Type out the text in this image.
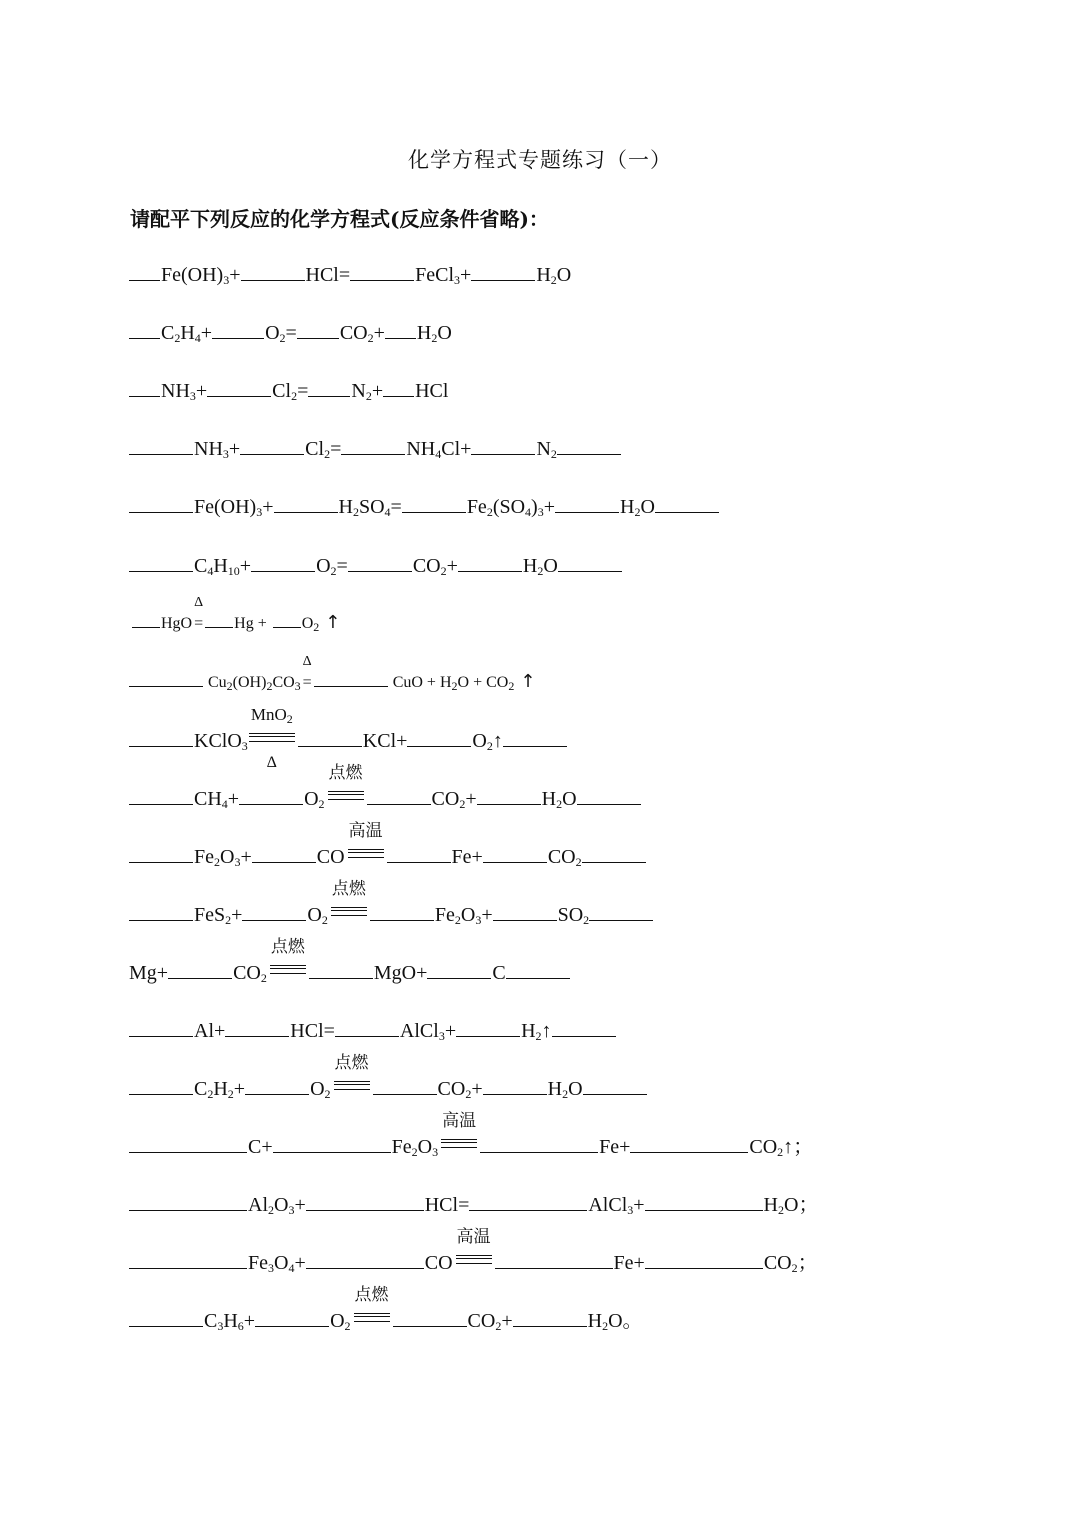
化学方程式专题练习（一）
请配平下列反应的化学方程式(反应条件省略)：
$Fe(OH)_3+$	HCl=	FeCl$_3$+	$H_2O$
$C_2H_4+$	$O_2= CO_2+ H_2O$
$NH_3+$	$Cl_2= N_2+$ HCl
$NH_3+$	$Cl_2=$	$NH_4Cl+$	$N_2$
$Fe(OH)_3+$	$H_2SO_4=$	$Fe_2(SO_4)_3+$	$H_2O$
$C_4H_{10}+$	$O_2=$	$CO_2+$	$H_2O$
HgO
Δ
= $Hg + O_2$ ↑
$Cu_2(OH)_2CO_3$
Δ
=	CuO + $H_2O + CO_2$ ↑
KClO$_3$
MnO$_2$
Δ
KCl+	$O_2↑$
$CH_4+$	$O_2$
点燃
$CO_2+$	$H_2O$
$Fe_2O_3+$	CO
高温
Fe+	$CO_2$
FeS$_2$+	$O_2$
点燃
$Fe_2O_3+$	$SO_2$
Mg+	$CO_2$
点燃
MgO+	C
Al+	HCl=	AlCl$_3$+	$H_2↑$
$C_2H_2+$	$O_2$
点燃
$CO_2+$	$H_2O$
C+	$Fe_2O_3$
高温
Fe+	$CO_2↑$；
$Al_2O_3+$	HCl=	AlCl$_3$+	$H_2O$；
$Fe_3O_4+$	CO
高温
Fe+	$CO_2$；
$C_3H_6+$	$O_2$
点燃
$CO_2+$	$H_2O$。
